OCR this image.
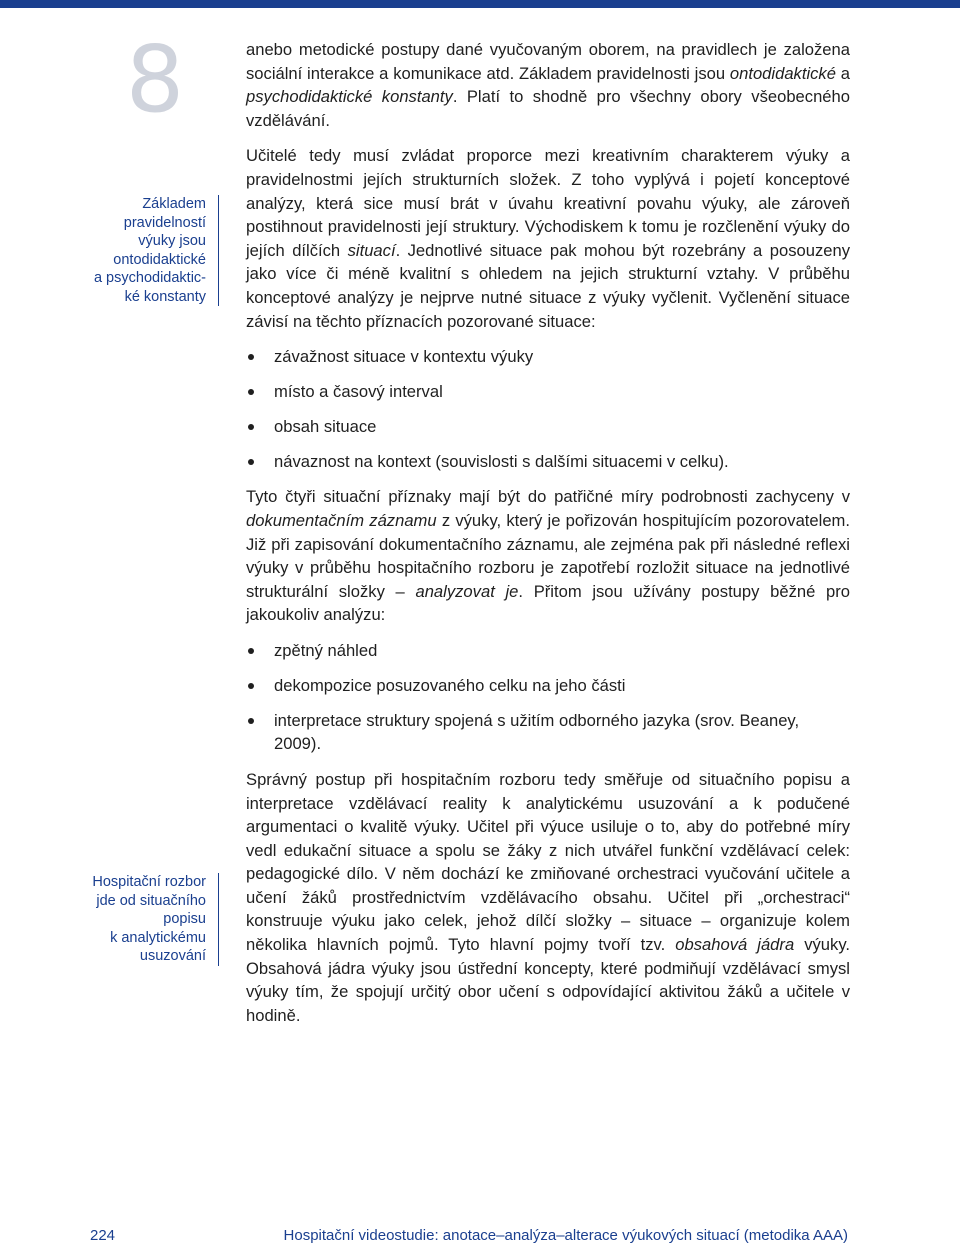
8
Základem
pravidelností
výuky jsou
ontodidaktické
a psychodidaktic-
ké konstanty
Hospitační rozbor
jde od situačního
popisu
k analytickému
usuzování

anebo metodické postupy dané vyučovaným oborem, na pravidlech je založena sociální interakce a komunikace atd. Základem pravidelnosti jsou ontodidaktické a psychodidaktické konstanty. Platí to shodně pro všechny obory všeobecného vzdělávání.

Učitelé tedy musí zvládat proporce mezi kreativním charakterem výuky a pravidelnostmi jejích strukturních složek. Z toho vyplývá i pojetí konceptové analýzy, která sice musí brát v úvahu kreativní povahu výuky, ale zároveň postihnout pravidelnosti její struktury. Východiskem k tomu je rozčlenění výuky do jejích dílčích situací. Jednotlivé situace pak mohou být rozebrány a posouzeny jako více či méně kvalitní s ohledem na jejich strukturní vztahy. V průběhu konceptové analýzy je nejprve nutné situace z výuky vyčlenit. Vyčlenění situace závisí na těchto příznacích pozorované situace:

závažnost situace v kontextu výuky
místo a časový interval
obsah situace
návaznost na kontext (souvislosti s dalšími situacemi v celku).

Tyto čtyři situační příznaky mají být do patřičné míry podrobnosti zachyceny v dokumentačním záznamu z výuky, který je pořizován hospitujícím pozorovatelem. Již při zapisování dokumentačního záznamu, ale zejména pak při následné reflexi výuky v průběhu hospitačního rozboru je zapotřebí rozložit situace na jednotlivé strukturální složky – analyzovat je. Přitom jsou užívány postupy běžné pro jakoukoliv analýzu:

zpětný náhled
dekompozice posuzovaného celku na jeho části
interpretace struktury spojená s užitím odborného jazyka (srov. Beaney, 2009).

Správný postup při hospitačním rozboru tedy směřuje od situačního popisu a interpretace vzdělávací reality k analytickému usuzování a k podučené argumentaci o kvalitě výuky. Učitel při výuce usiluje o to, aby do potřebné míry vedl edukační situace a spolu se žáky z nich utvářel funkční vzdělávací celek: pedagogické dílo. V něm dochází ke zmiňované orchestraci vyučování učitele a učení žáků prostřednictvím vzdělávacího obsahu. Učitel při „orchestraci“ konstruuje výuku jako celek, jehož dílčí složky – situace – organizuje kolem několika hlavních pojmů. Tyto hlavní pojmy tvoří tzv. obsahová jádra výuky. Obsahová jádra výuky jsou ústřední koncepty, které podmiňují vzdělávací smysl výuky tím, že spojují určitý obor učení s odpovídající aktivitou žáků a učitele v hodině.

224	Hospitační videostudie: anotace–analýza–alterace výukových situací (metodika AAA)
